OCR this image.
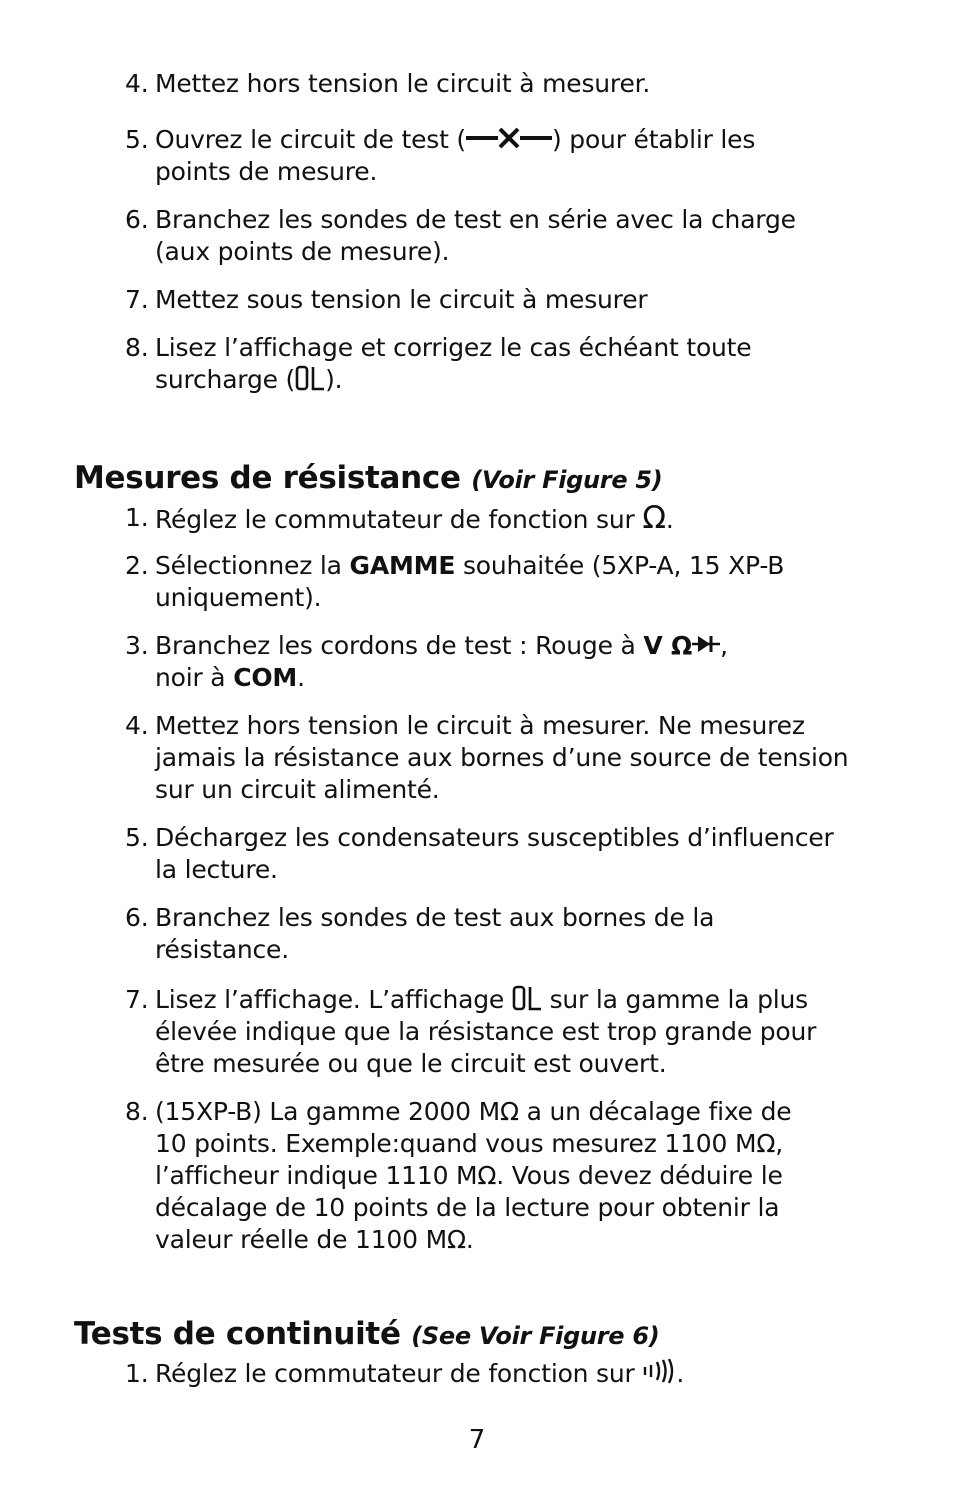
4. Mettez hors tension le circuit à mesurer.
5. Ouvrez le circuit de test (	) pour établir les
points de mesure.
6. Branchez les sondes de test en série avec la charge
(aux points de mesure).
7. Mettez sous tension le circuit à mesurer
8. Lisez l’affichage et corrigez le cas échéant toute
surcharge ( ).
Mesures de résistance (Voir Figure 5)
1. Réglez le commutateur de fonction sur Ω.
2. Sélectionnez la GAMME souhaitée (5XP-A, 15 XP-B
uniquement).
3. Branchez les cordons de test : Rouge à V Ω ,
noir à COM.
4. Mettez hors tension le circuit à mesurer. Ne mesurez
jamais la résistance aux bornes d’une source de tension
sur un circuit alimenté.
5. Déchargez les condensateurs susceptibles d’influencer
la lecture.
6. Branchez les sondes de test aux bornes de la
résistance.
7. Lisez l’affichage. L’affichage  sur la gamme la plus
élevée indique que la résistance est trop grande pour
être mesurée ou que le circuit est ouvert.
8. (15XP-B) La gamme 2000 MΩ a un décalage fixe de
10 points. Exemple:quand vous mesurez 1100 MΩ,
l’afficheur indique 1110 MΩ. Vous devez déduire le
décalage de 10 points de la lecture pour obtenir la
valeur réelle de 1100 MΩ.
Tests de continuité (See Voir Figure 6)
1. Réglez le commutateur de fonction sur .
7
